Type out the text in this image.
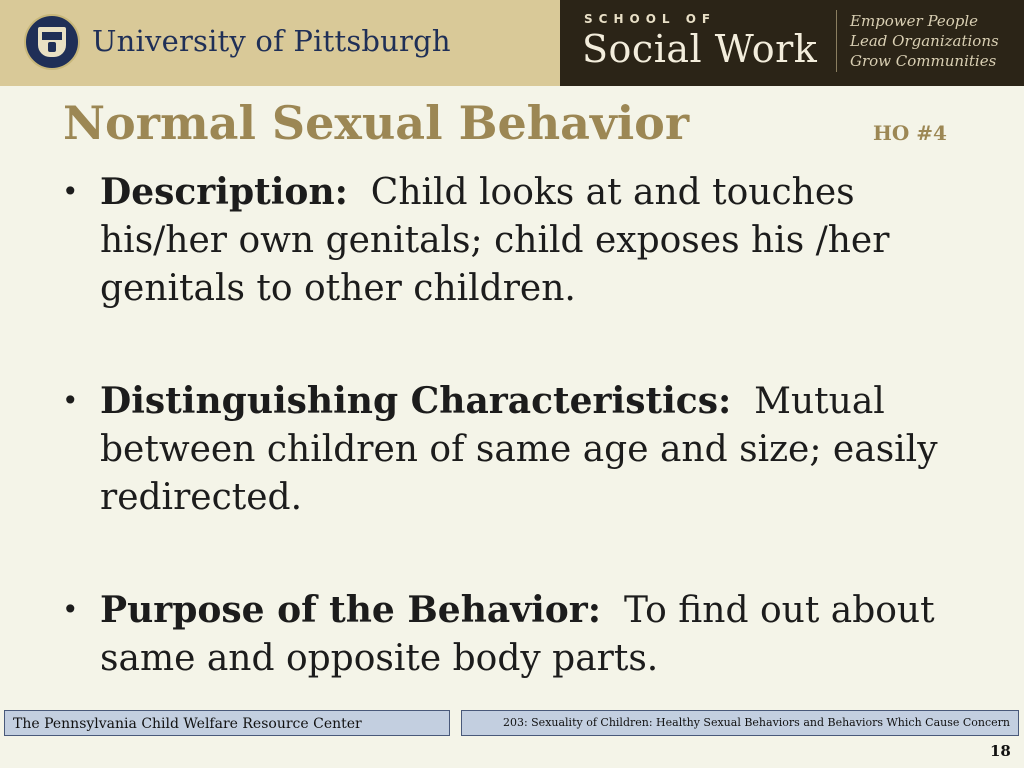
University of Pittsburgh
SCHOOL OF
Social Work
Empower People
Lead Organizations
Grow Communities
Normal Sexual Behavior	HO #4
• Description:  Child looks at and touches his/her own genitals; child exposes his /her genitals to other children.
• Distinguishing Characteristics:  Mutual between children of same age and size; easily redirected.
• Purpose of the Behavior:  To find out about same and opposite body parts.
The Pennsylvania Child Welfare Resource Center	203: Sexuality of Children: Healthy Sexual Behaviors and Behaviors Which Cause Concern
18
